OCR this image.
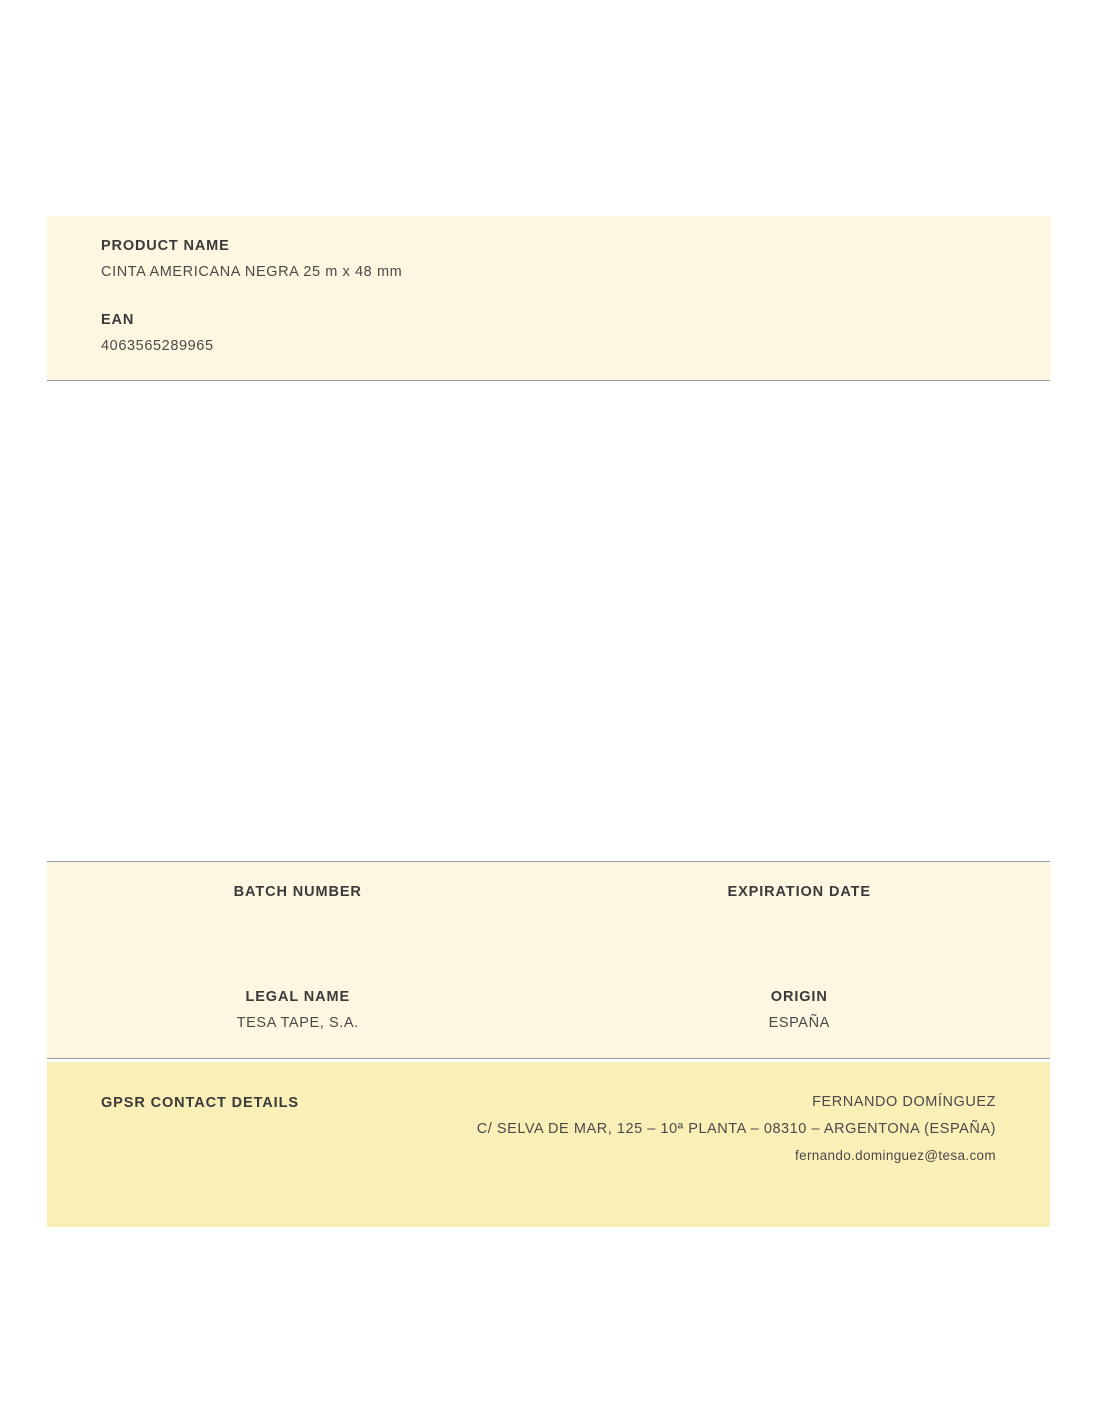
PRODUCT NAME

CINTA AMERICANA NEGRA 25 m x 48 mm

EAN

4063565289965

BATCH NUMBER	EXPIRATION DATE

LEGAL NAME

TESA TAPE, S.A.

ORIGIN

ESPAÑA

GPSR CONTACT DETAILS	FERNANDO DOMÍNGUEZ

C/ SELVA DE MAR, 125 – 10ª PLANTA – 08310 – ARGENTONA (ESPAÑA)

fernando.dominguez@tesa.com
